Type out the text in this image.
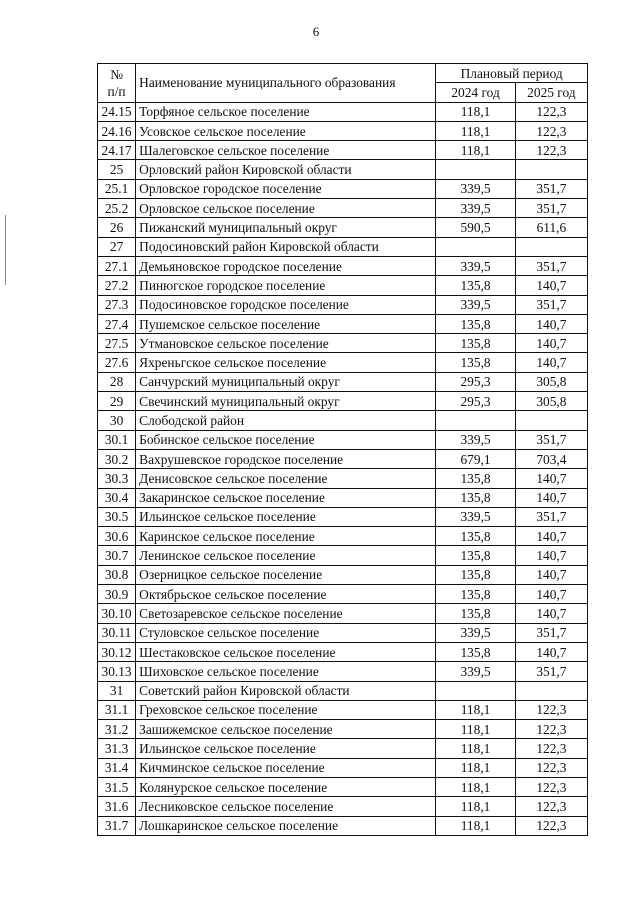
6
№
п/п	Наименование муниципального образования	Плановый период	
		2024 год	2025 год
24.15	Торфяное сельское поселение	118,1	122,3
24.16	Усовское сельское поселение	118,1	122,3
24.17	Шалеговское сельское поселение	118,1	122,3
25	Орловский район Кировской области		
25.1	Орловское городское поселение	339,5	351,7
25.2	Орловское сельское поселение	339,5	351,7
26	Пижанский муниципальный округ	590,5	611,6
27	Подосиновский район Кировской области		
27.1	Демьяновское городское поселение	339,5	351,7
27.2	Пинюгское городское поселение	135,8	140,7
27.3	Подосиновское городское поселение	339,5	351,7
27.4	Пушемское сельское поселение	135,8	140,7
27.5	Утмановское сельское поселение	135,8	140,7
27.6	Яхреньгское сельское поселение	135,8	140,7
28	Санчурский муниципальный округ	295,3	305,8
29	Свечинский муниципальный округ	295,3	305,8
30	Слободской район		
30.1	Бобинское сельское поселение	339,5	351,7
30.2	Вахрушевское городское поселение	679,1	703,4
30.3	Денисовское сельское поселение	135,8	140,7
30.4	Закаринское сельское поселение	135,8	140,7
30.5	Ильинское сельское поселение	339,5	351,7
30.6	Каринское сельское поселение	135,8	140,7
30.7	Ленинское сельское поселение	135,8	140,7
30.8	Озерницкое сельское поселение	135,8	140,7
30.9	Октябрьское сельское поселение	135,8	140,7
30.10	Светозаревское сельское поселение	135,8	140,7
30.11	Стуловское сельское поселение	339,5	351,7
30.12	Шестаковское сельское поселение	135,8	140,7
30.13	Шиховское сельское поселение	339,5	351,7
31	Советский район Кировской области		
31.1	Греховское сельское поселение	118,1	122,3
31.2	Зашижемское сельское поселение	118,1	122,3
31.3	Ильинское сельское поселение	118,1	122,3
31.4	Кичминское сельское поселение	118,1	122,3
31.5	Колянурское сельское поселение	118,1	122,3
31.6	Лесниковское сельское поселение	118,1	122,3
31.7	Лошкаринское сельское поселение	118,1	122,3
